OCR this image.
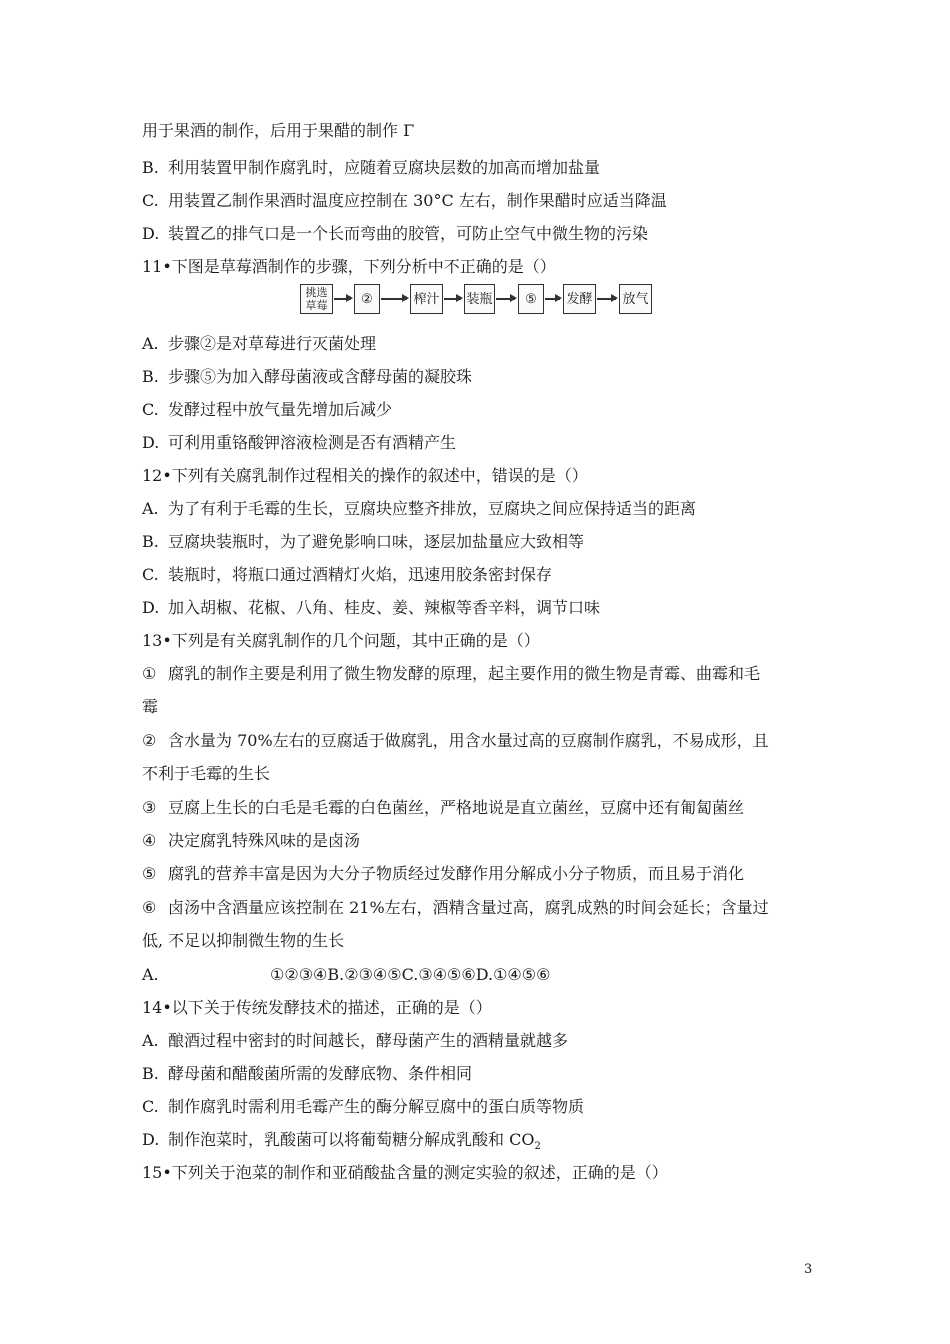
用于果酒的制作，后用于果醋的制作 Γ
B. 利用装置甲制作腐乳时，应随着豆腐块层数的加高而增加盐量
C. 用装置乙制作果酒时温度应控制在 30°C 左右，制作果醋时应适当降温
D. 装置乙的排气口是一个长而弯曲的胶管，可防止空气中微生物的污染
11•下图是草莓酒制作的步骤，下列分析中不正确的是（）
挑选
草莓	②	榨汁 装瓶	⑤	发酵 放气
A. 步骤②是对草莓进行灭菌处理
B. 步骤⑤为加入酵母菌液或含酵母菌的凝胶珠
C. 发酵过程中放气量先增加后减少
D. 可利用重铬酸钾溶液检测是否有酒精产生
12•下列有关腐乳制作过程相关的操作的叙述中，错误的是（）
A. 为了有利于毛霉的生长，豆腐块应整齐排放，豆腐块之间应保持适当的距离
B. 豆腐块装瓶时，为了避免影响口味，逐层加盐量应大致相等
C. 装瓶时，将瓶口通过酒精灯火焰，迅速用胶条密封保存
D. 加入胡椒、花椒、八角、桂皮、姜、辣椒等香辛料，调节口味
13•下列是有关腐乳制作的几个问题，其中正确的是（）
① 腐乳的制作主要是利用了微生物发酵的原理，起主要作用的微生物是青霉、曲霉和毛
霉
② 含水量为 70%左右的豆腐适于做腐乳，用含水量过高的豆腐制作腐乳，不易成形，且
不利于毛霉的生长
③ 豆腐上生长的白毛是毛霉的白色菌丝，严格地说是直立菌丝，豆腐中还有匍匐菌丝
④ 决定腐乳特殊风味的是卤汤
⑤ 腐乳的营养丰富是因为大分子物质经过发酵作用分解成小分子物质，而且易于消化
⑥ 卤汤中含酒量应该控制在 21%左右，酒精含量过高，腐乳成熟的时间会延长；含量过
低, 不足以抑制微生物的生长
A.	①②③④B.②③④⑤C.③④⑤⑥D.①④⑤⑥
14•以下关于传统发酵技术的描述，正确的是（）
A. 酿酒过程中密封的时间越长，酵母菌产生的酒精量就越多
B. 酵母菌和醋酸菌所需的发酵底物、条件相同
C. 制作腐乳时需利用毛霉产生的酶分解豆腐中的蛋白质等物质
D. 制作泡菜时，乳酸菌可以将葡萄糖分解成乳酸和 $CO_2$
15•下列关于泡菜的制作和亚硝酸盐含量的测定实验的叙述，正确的是（）
3
